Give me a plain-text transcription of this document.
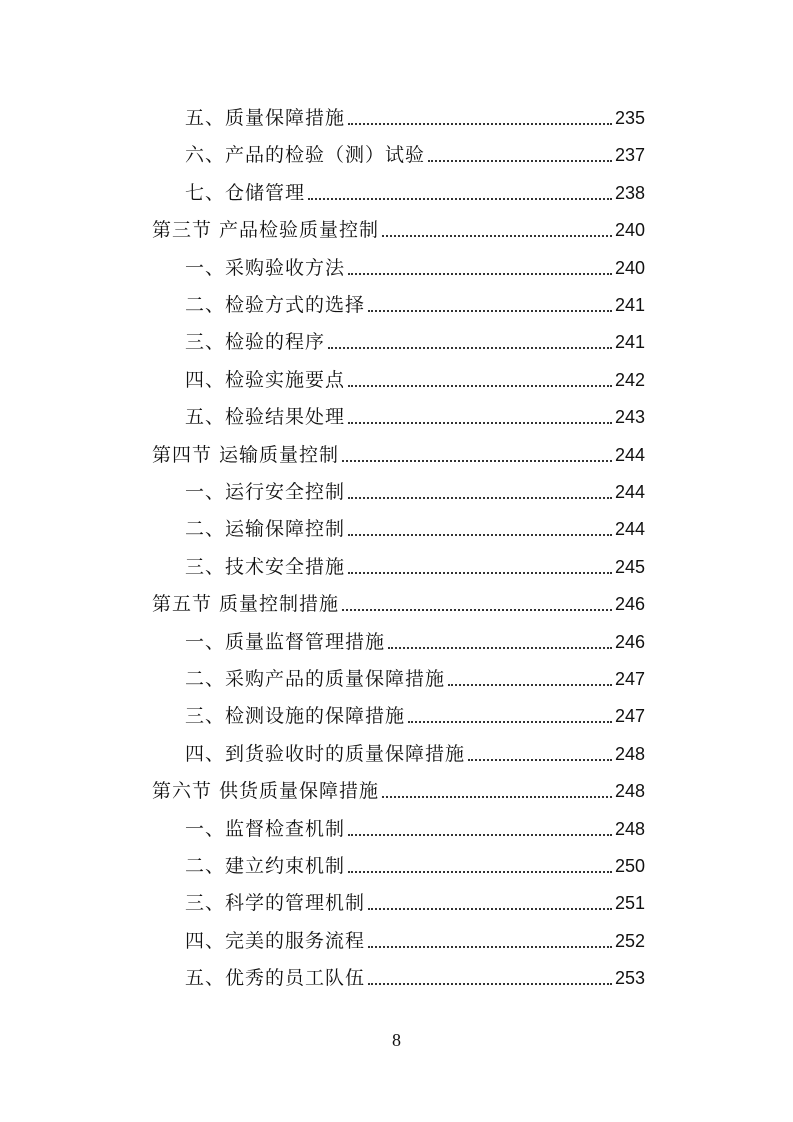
五、质量保障措施	235
六、产品的检验（测）试验	237
七、仓储管理	238
第三节 产品检验质量控制	240
一、采购验收方法	240
二、检验方式的选择	241
三、检验的程序	241
四、检验实施要点	242
五、检验结果处理	243
第四节 运输质量控制	244
一、运行安全控制	244
二、运输保障控制	244
三、技术安全措施	245
第五节 质量控制措施	246
一、质量监督管理措施	246
二、采购产品的质量保障措施	247
三、检测设施的保障措施	247
四、到货验收时的质量保障措施	248
第六节 供货质量保障措施	248
一、监督检查机制	248
二、建立约束机制	250
三、科学的管理机制	251
四、完美的服务流程	252
五、优秀的员工队伍	253
8
